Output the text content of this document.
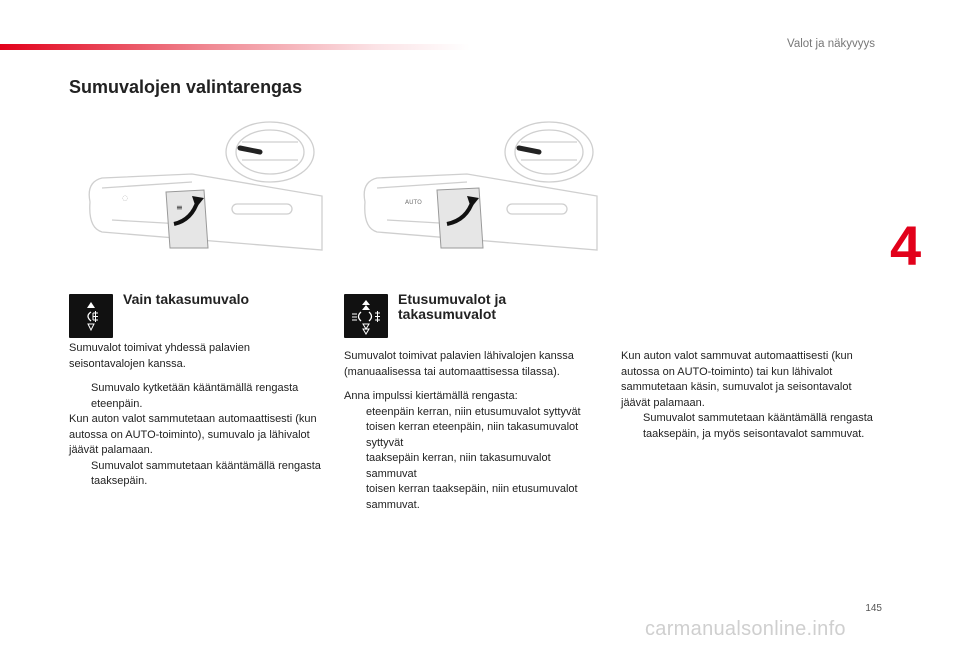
Valot ja näkyvyys
4
Sumuvalojen valintarengas
≡
◌
AUTO
Vain takasumuvalo

Sumuvalot toimivat yhdessä palavien seisontavalojen kanssa.

Sumuvalo kytketään kääntämällä rengasta eteenpäin.

Kun auton valot sammutetaan automaattisesti (kun autossa on AUTO-toiminto), sumuvalo ja lähivalot jäävät palamaan.

Sumuvalot sammutetaan kääntämällä rengasta taaksepäin.
Etusumuvalot ja
takasumuvalot

Sumuvalot toimivat palavien lähivalojen kanssa (manuaalisessa tai automaattisessa tilassa).

Anna impulssi kiertämällä rengasta:

eteenpäin kerran, niin etusumuvalot syttyvät
toisen kerran eteenpäin, niin takasumuvalot syttyvät
taaksepäin kerran, niin takasumuvalot sammuvat
toisen kerran taaksepäin, niin etusumuvalot sammuvat.

Kun auton valot sammuvat automaattisesti (kun autossa on AUTO-toiminto) tai kun lähivalot sammutetaan käsin, sumuvalot ja seisontavalot jäävät palamaan.

Sumuvalot sammutetaan kääntämällä rengasta taaksepäin, ja myös seisontavalot sammuvat.
145
carmanualsonline.info
